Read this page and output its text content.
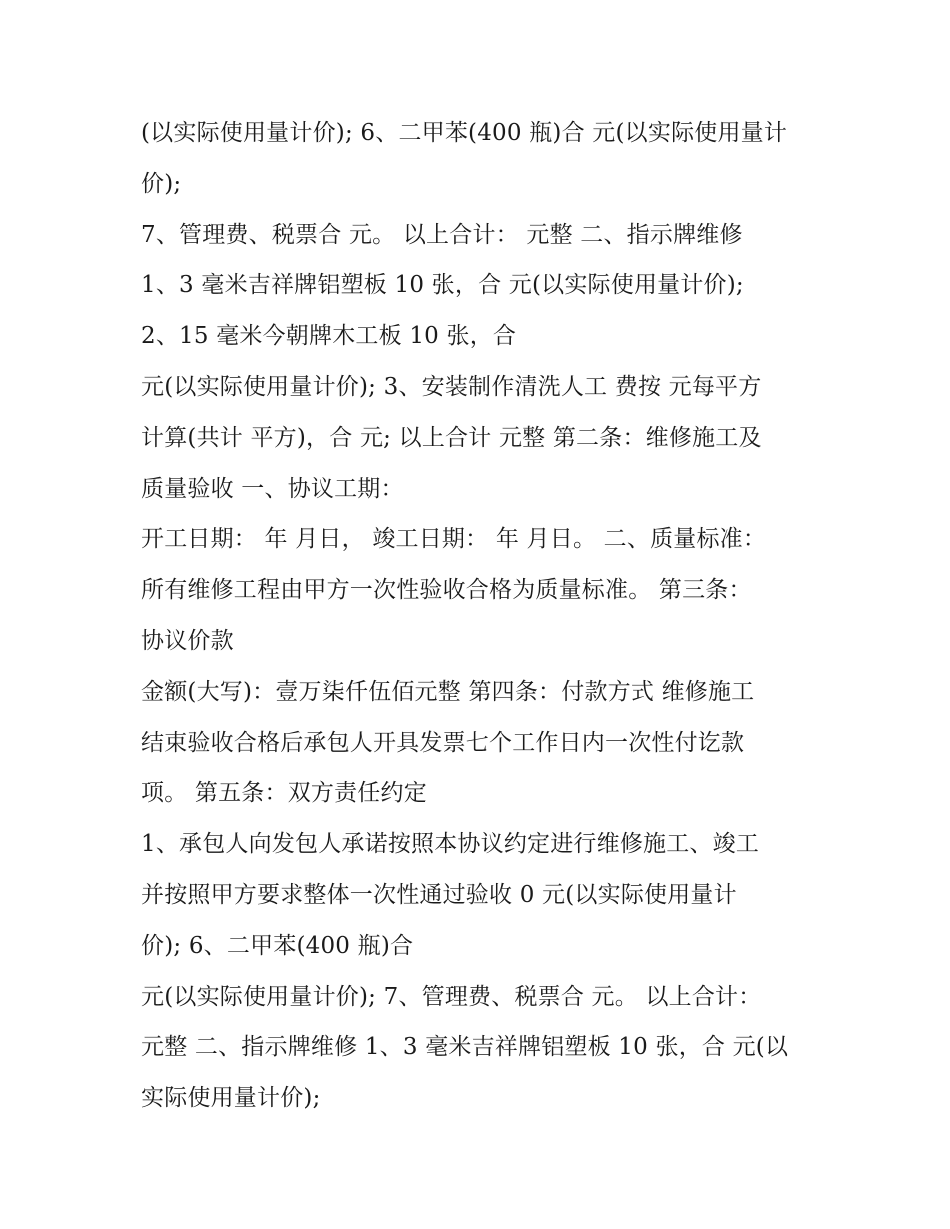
(以实际使用量计价); 6、二甲苯(400 瓶)合 元(以实际使用量计
价);
7、管理费、税票合 元。 以上合计： 元整 二、指示牌维修
1、3 毫米吉祥牌铝塑板 10 张，合 元(以实际使用量计价);
2、15 毫米今朝牌木工板 10 张，合
元(以实际使用量计价); 3、安装制作清洗人工 费按 元每平方
计算(共计 平方)，合 元; 以上合计 元整 第二条：维修施工及
质量验收 一、协议工期：
开工日期： 年 月日， 竣工日期： 年 月日。 二、质量标准：
所有维修工程由甲方一次性验收合格为质量标准。 第三条：
协议价款
金额(大写)：壹万柒仟伍佰元整 第四条：付款方式 维修施工
结束验收合格后承包人开具发票七个工作日内一次性付讫款
项。 第五条：双方责任约定
1、承包人向发包人承诺按照本协议约定进行维修施工、竣工
并按照甲方要求整体一次性通过验收 0 元(以实际使用量计
价); 6、二甲苯(400 瓶)合
元(以实际使用量计价); 7、管理费、税票合 元。 以上合计：
元整 二、指示牌维修 1、3 毫米吉祥牌铝塑板 10 张，合 元(以
实际使用量计价);
